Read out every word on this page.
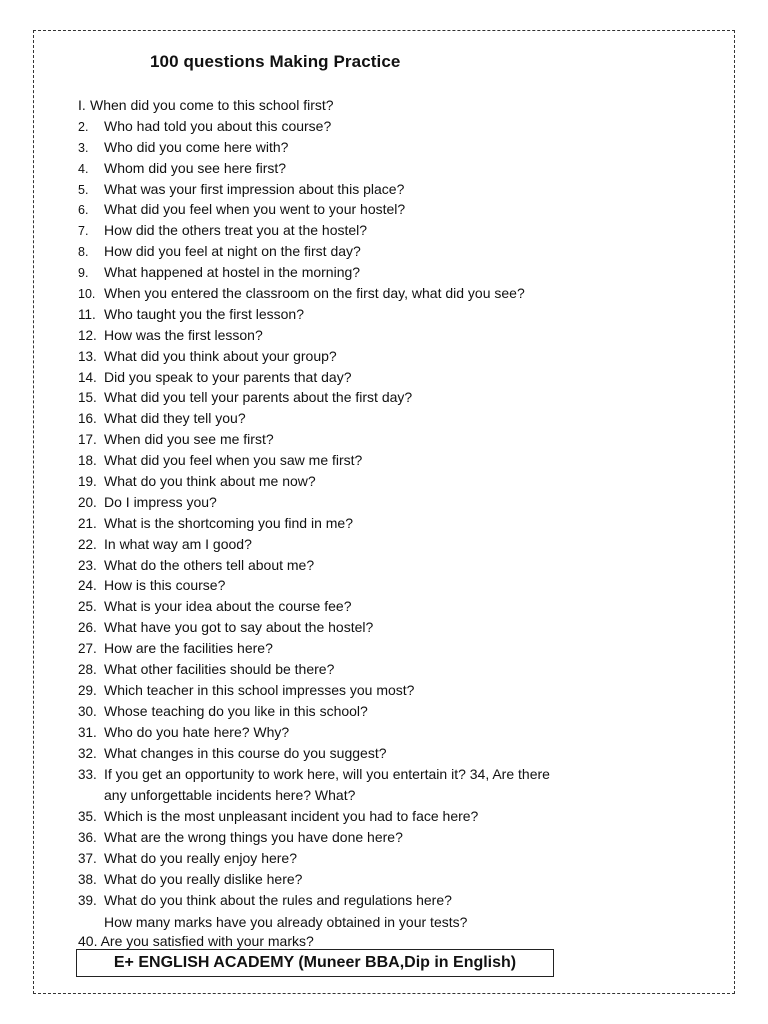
100 questions Making Practice
I. When did you come to this school first?
2.	Who had told you about this course?
3.	Who did you come here with?
4.	Whom did you see here first?
5.	What was your first impression about this place?
6.	What did you feel when you went to your hostel?
7.	How did the others treat you at the hostel?
8.	How did you feel at night on the first day?
9.	What happened at hostel in the morning?
10. When you entered the classroom on the first day, what did you see?
11. Who taught you the first lesson?
12. How was the first lesson?
13. What did you think about your group?
14. Did you speak to your parents that day?
15. What did you tell your parents about the first day?
16. What did they tell you?
17. When did you see me first?
18. What did you feel when you saw me first?
19. What do you think about me now?
20. Do I impress you?
21. What is the shortcoming you find in me?
22. In what way am I good?
23. What do the others tell about me?
24. How is this course?
25. What is your idea about the course fee?
26. What have you got to say about the hostel?
27. How are the facilities here?
28. What other facilities should be there?
29. Which teacher in this school impresses you most?
30. Whose teaching do you like in this school?
31. Who do you hate here? Why?
32. What changes in this course do you suggest?
33. If you get an opportunity to work here, will you entertain it? 34, Are there
any unforgettable incidents here? What?
35. Which is the most unpleasant incident you had to face here?
36. What are the wrong things you have done here?
37. What do you really enjoy here?
38. What do you really dislike here?
39. What do you think about the rules and regulations here?
How many marks have you already obtained in your tests?
40. Are you satisfied with your marks?
E+ ENGLISH ACADEMY (Muneer BBA,Dip in English)
